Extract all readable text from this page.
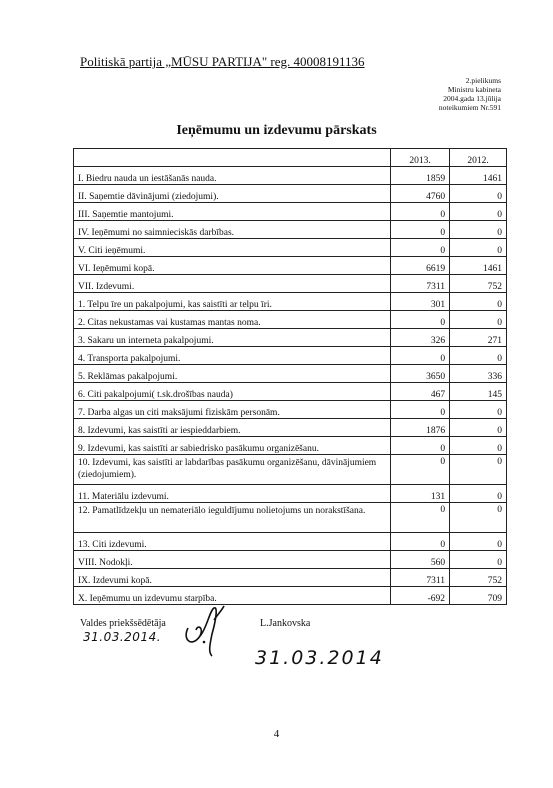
Politiskā partija „MŪSU PARTIJA" reg. 40008191136
2.pielikums
Ministru kabineta
2004.gada 13.jūlija
noteikumiem Nr.591
Ieņēmumu un izdevumu pārskats
	2013.	2012.
I. Biedru nauda un iestāšanās nauda.	1859	1461
II. Saņemtie dāvinājumi (ziedojumi).	4760	0
III. Saņemtie mantojumi.	0	0
IV. Ieņēmumi no saimnieciskās darbības.	0	0
V. Citi ieņēmumi.	0	0
VI. Ieņēmumi kopā.	6619	1461
VII. Izdevumi.	7311	752
1. Telpu īre un pakalpojumi, kas saistīti ar telpu īri.	301	0
2. Citas nekustamas vai kustamas mantas noma.	0	0
3. Sakaru un interneta pakalpojumi.	326	271
4. Transporta pakalpojumi.	0	0
5. Reklāmas pakalpojumi.	3650	336
6. Citi pakalpojumi( t.sk.drošības nauda)	467	145
7. Darba algas un citi maksājumi fiziskām personām.	0	0
8. Izdevumi, kas saistīti ar iespieddarbiem.	1876	0
9. Izdevumi, kas saistīti ar sabiedrisko pasākumu organizēšanu.	0	0
10. Izdevumi, kas saistīti ar labdarības pasākumu organizēšanu, dāvinājumiem (ziedojumiem).	0	0
11. Materiālu izdevumi.	131	0
12. Pamatlīdzekļu un nemateriālo ieguldījumu nolietojums un norakstīšana.	0	0
13. Citi izdevumi.	0	0
VIII. Nodokļi.	560	0
IX. Izdevumi kopā.	7311	752
X. Ieņēmumu un izdevumu starpība.	-692	709
Valdes priekšsēdētāja
31.03.2014.
L.Jankovska
31.03.2014
4
